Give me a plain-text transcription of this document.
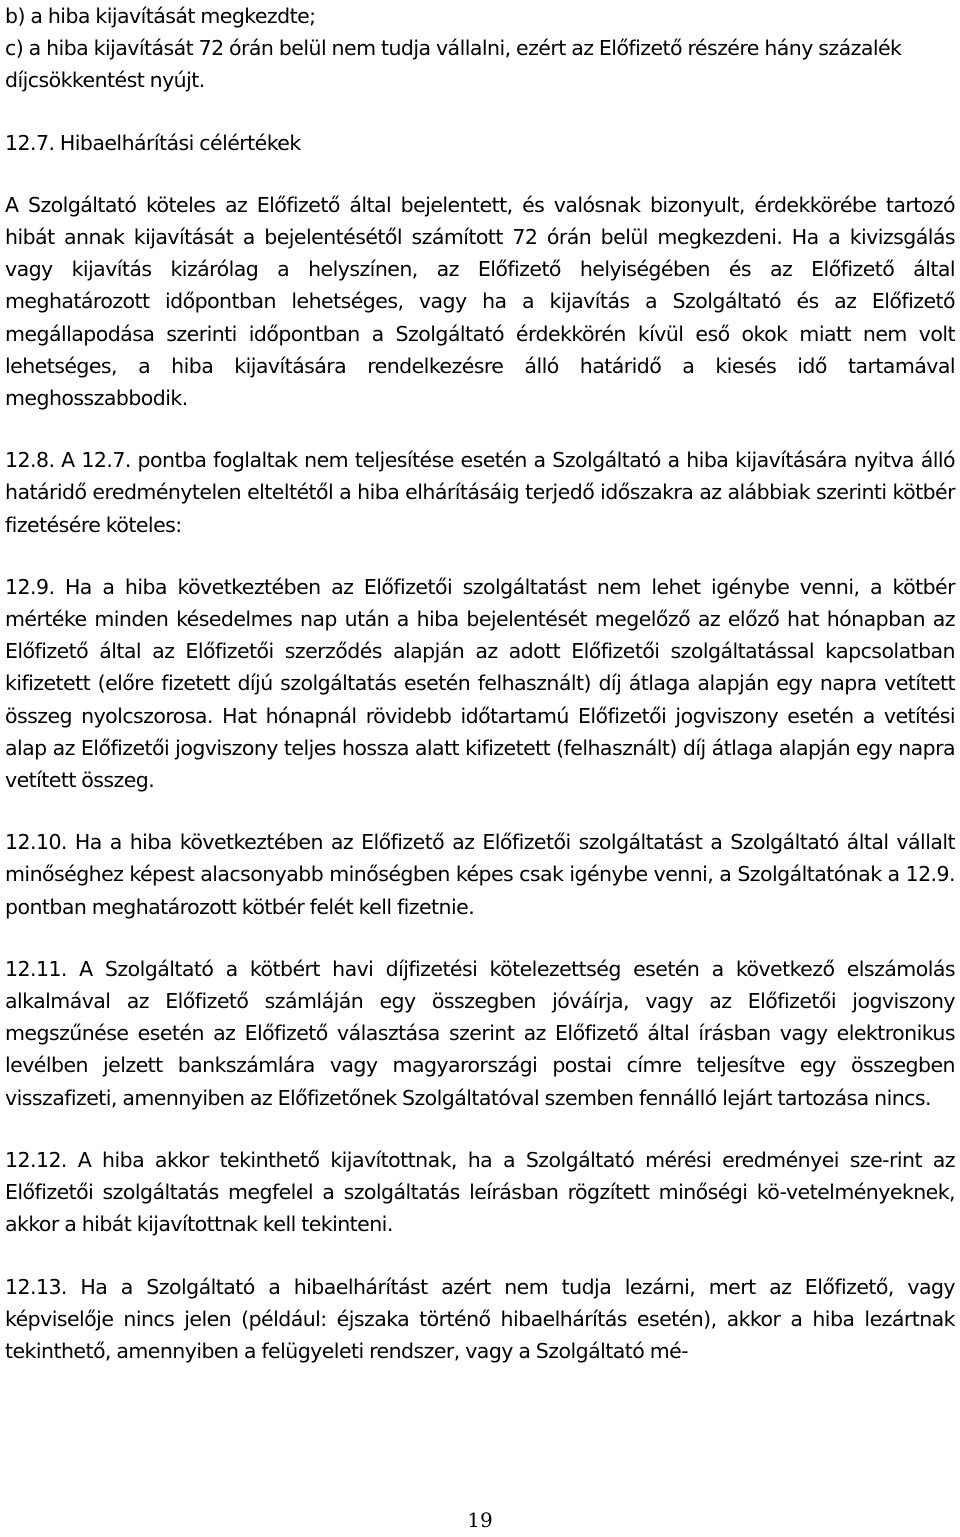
b) a hiba kijavítását megkezdte;

c) a hiba kijavítását 72 órán belül nem tudja vállalni, ezért az Előfizető részére hány százalék díjcsökkentést nyújt.

12.7. Hibaelhárítási célértékek

A Szolgáltató köteles az Előfizető által bejelentett, és valósnak bizonyult, érdekkörébe tartozó hibát annak kijavítását a bejelentésétől számított 72 órán belül megkezdeni. Ha a kivizsgálás vagy kijavítás kizárólag a helyszínen, az Előfizető helyiségében és az Előfizető által meghatározott időpontban lehetséges, vagy ha a kijavítás a Szolgáltató és az Előfizető megállapodása szerinti időpontban a Szolgáltató érdekkörén kívül eső okok miatt nem volt lehetséges, a hiba kijavítására rendelkezésre álló határidő a kiesés idő tartamával meghosszabbodik.

12.8. A 12.7. pontba foglaltak nem teljesítése esetén a Szolgáltató a hiba kijavítására nyitva álló határidő eredménytelen elteltétől a hiba elhárításáig terjedő időszakra az alábbiak szerinti kötbér fizetésére köteles:

12.9. Ha a hiba következtében az Előfizetői szolgáltatást nem lehet igénybe venni, a kötbér mértéke minden késedelmes nap után a hiba bejelentését megelőző az előző hat hónapban az Előfizető által az Előfizetői szerződés alapján az adott Előfizetői szolgáltatással kapcsolatban kifizetett (előre fizetett díjú szolgáltatás esetén felhasznált) díj átlaga alapján egy napra vetített összeg nyolcszorosa. Hat hónapnál rövidebb időtartamú Előfizetői jogviszony esetén a vetítési alap az Előfizetői jogviszony teljes hossza alatt kifizetett (felhasznált) díj átlaga alapján egy napra vetített összeg.

12.10. Ha a hiba következtében az Előfizető az Előfizetői szolgáltatást a Szolgáltató által vállalt minőséghez képest alacsonyabb minőségben képes csak igénybe venni, a Szolgáltatónak a 12.9. pontban meghatározott kötbér felét kell fizetnie.

12.11. A Szolgáltató a kötbért havi díjfizetési kötelezettség esetén a következő elszámolás alkalmával az Előfizető számláján egy összegben jóváírja, vagy az Előfizetői jogviszony megszűnése esetén az Előfizető választása szerint az Előfizető által írásban vagy elektronikus levélben jelzett bankszámlára vagy magyarországi postai címre teljesítve egy összegben visszafizeti, amennyiben az Előfizetőnek Szolgáltatóval szemben fennálló lejárt tartozása nincs.

12.12. A hiba akkor tekinthető kijavítottnak, ha a Szolgáltató mérési eredményei sze-rint az Előfizetői szolgáltatás megfelel a szolgáltatás leírásban rögzített minőségi kö-vetelményeknek, akkor a hibát kijavítottnak kell tekinteni.

12.13. Ha a Szolgáltató a hibaelhárítást azért nem tudja lezárni, mert az Előfizető, vagy képviselője nincs jelen (például: éjszaka történő hibaelhárítás esetén), akkor a hiba lezártnak tekinthető, amennyiben a felügyeleti rendszer, vagy a Szolgáltató mé-

19
